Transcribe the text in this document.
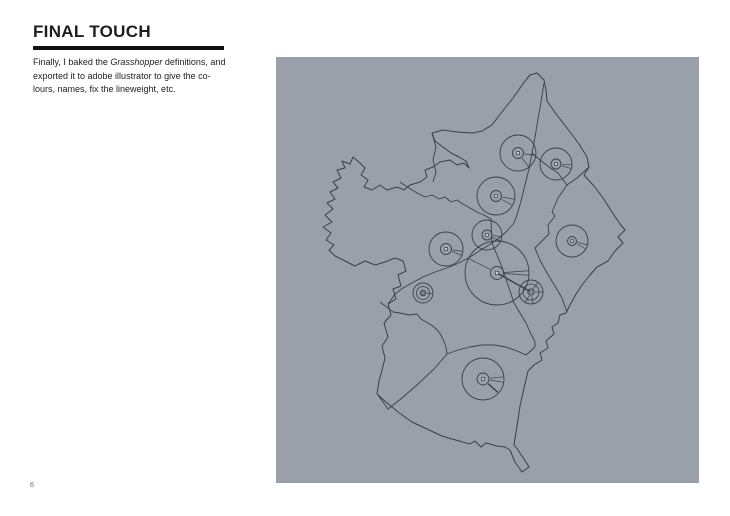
FINAL TOUCH
Finally, I baked the Grasshopper definitions, and
exported it to adobe illustrator to give the co-
lours, names, fix the lineweight, etc.
6
